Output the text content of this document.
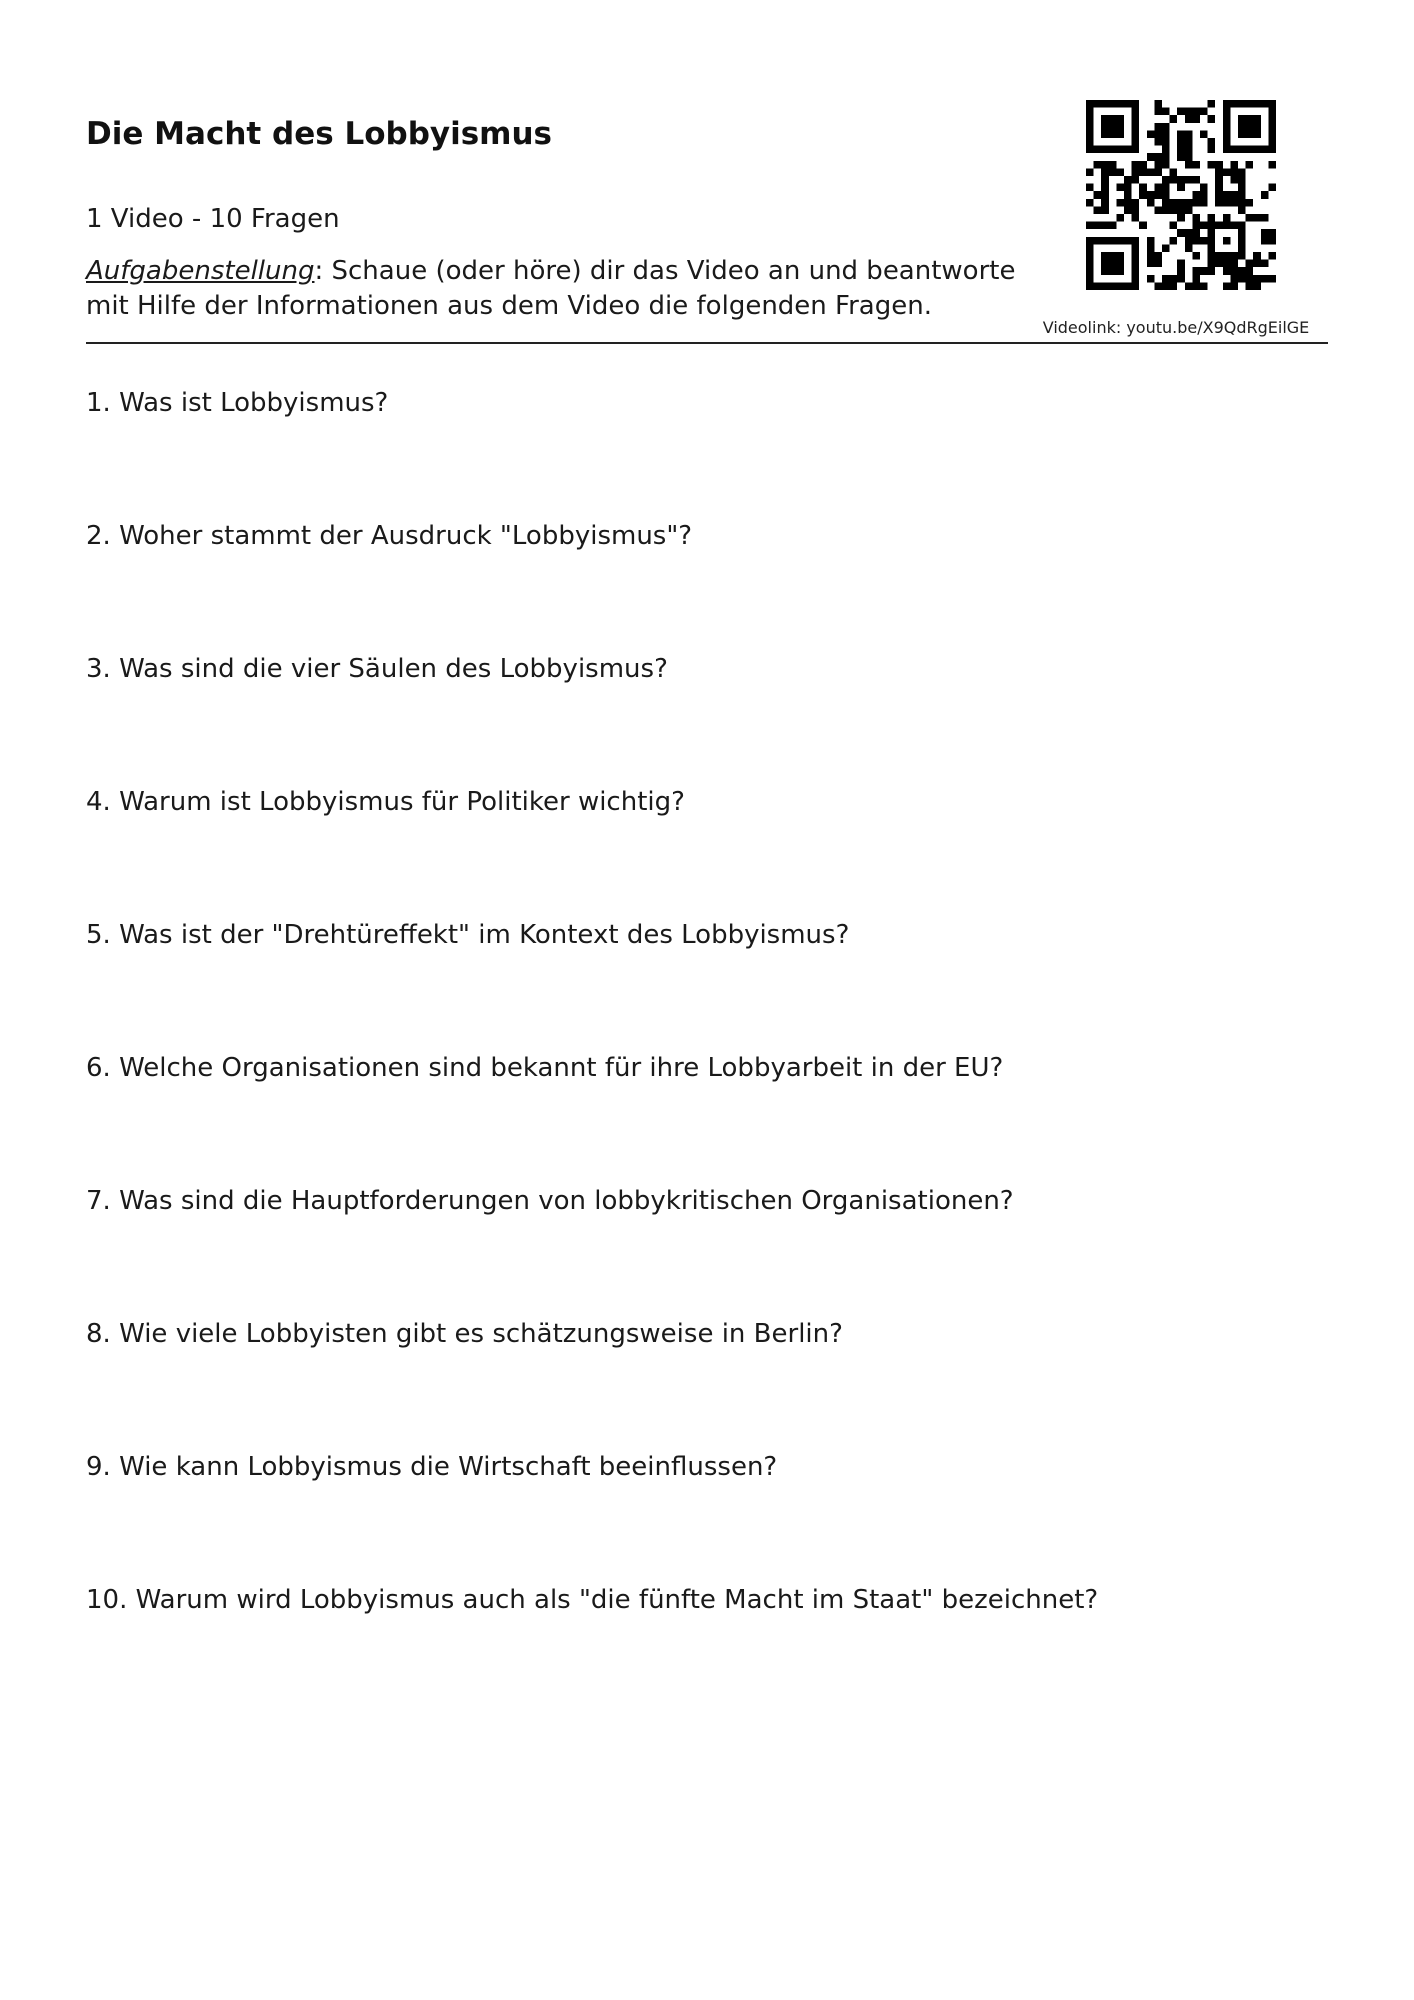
Die Macht des Lobbyismus
1 Video - 10 Fragen
Aufgabenstellung: Schaue (oder höre) dir das Video an und beantworte mit Hilfe der Informationen aus dem Video die folgenden Fragen.
Videolink: youtu.be/X9QdRgEilGE
1. Was ist Lobbyismus?
2. Woher stammt der Ausdruck "Lobbyismus"?
3. Was sind die vier Säulen des Lobbyismus?
4. Warum ist Lobbyismus für Politiker wichtig?
5. Was ist der "Drehtüreffekt" im Kontext des Lobbyismus?
6. Welche Organisationen sind bekannt für ihre Lobbyarbeit in der EU?
7. Was sind die Hauptforderungen von lobbykritischen Organisationen?
8. Wie viele Lobbyisten gibt es schätzungsweise in Berlin?
9. Wie kann Lobbyismus die Wirtschaft beeinflussen?
10. Warum wird Lobbyismus auch als "die fünfte Macht im Staat" bezeichnet?
